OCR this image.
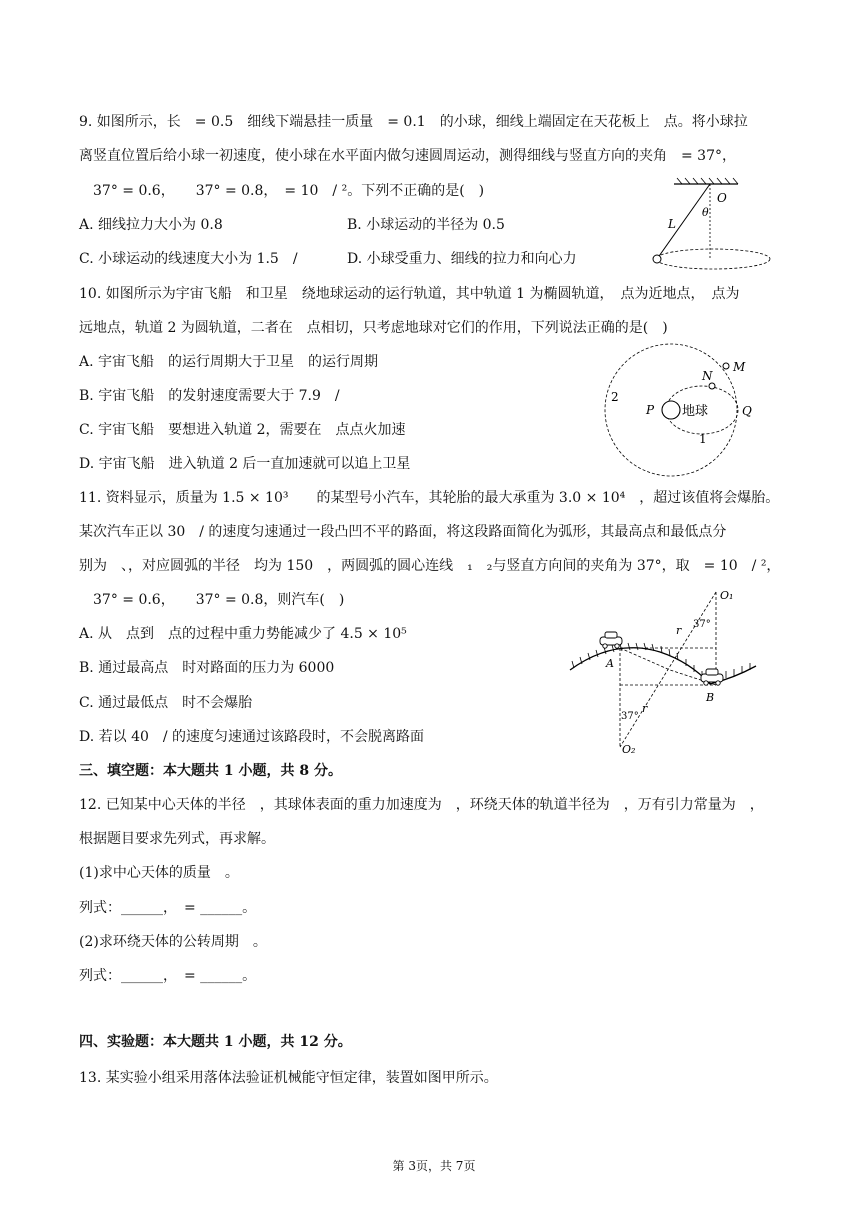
9. 如图所示，长　= 0.5　细线下端悬挂一质量　= 0.1　的小球，细线上端固定在天花板上　点。将小球拉
离竖直位置后给小球一初速度，使小球在水平面内做匀速圆周运动，测得细线与竖直方向的夹角　= 37°，
　37° = 0.6，　　37° = 0.8，　= 10　/ ²。下列不正确的是(　)
A. 细线拉力大小为 0.8	B. 小球运动的半径为 0.5
C. 小球运动的线速度大小为 1.5　/	D. 小球受重力、细线的拉力和向心力
O
θ
L
10. 如图所示为宇宙飞船　和卫星　绕地球运动的运行轨道，其中轨道 1 为椭圆轨道，　点为近地点，　点为
远地点，轨道 2 为圆轨道，二者在　点相切，只考虑地球对它们的作用，下列说法正确的是(　)
A. 宇宙飞船　的运行周期大于卫星　的运行周期
B. 宇宙飞船　的发射速度需要大于 7.9　/
C. 宇宙飞船　要想进入轨道 2，需要在　点点火加速
D. 宇宙飞船　进入轨道 2 后一直加速就可以追上卫星
M
N
P 地球	Q
1
2
11. 资料显示，质量为 1.5 × 10³　　的某型号小汽车，其轮胎的最大承重为 3.0 × 10⁴　，超过该值将会爆胎。
某次汽车正以 30　/ 的速度匀速通过一段凸凹不平的路面，将这段路面简化为弧形，其最高点和最低点分
别为　、，对应圆弧的半径　均为 150　，两圆弧的圆心连线　₁　₂与竖直方向间的夹角为 37°，取　= 10　/ ²，
　37° = 0.6，　　37° = 0.8，则汽车(　)
A. 从　点到　点的过程中重力势能减少了 4.5 × 10⁵
B. 通过最高点　时对路面的压力为 6000
C. 通过最低点　时不会爆胎
D. 若以 40　/ 的速度匀速通过该路段时，不会脱离路面
O₁
37°
r
A
B
r
37°
O₂
三、填空题：本大题共 1 小题，共 8 分。
12. 已知某中心天体的半径　，其球体表面的重力加速度为　，环绕天体的轨道半径为　，万有引力常量为　，
根据题目要求先列式，再求解。
(1)求中心天体的质量　。
列式：______，　= ______。
(2)求环绕天体的公转周期　。
列式：______，　= ______。
四、实验题：本大题共 1 小题，共 12 分。
13. 某实验小组采用落体法验证机械能守恒定律，装置如图甲所示。
第 3页，共 7页
